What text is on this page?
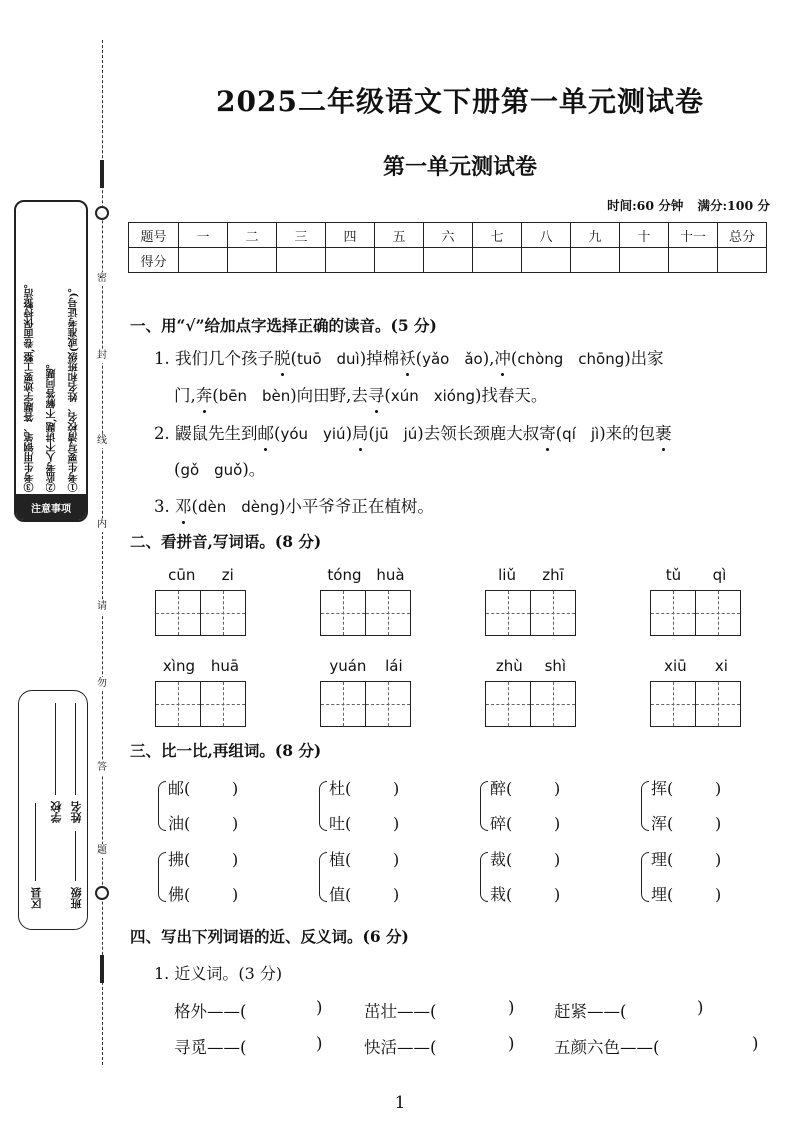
密
封
线
内
请
勿
答
题
①考生要写清校名、姓名和班级(或准考证号)。
②监考人不讲题,不解答问题。
③考生用钢笔、答题字迹要工整,卷面保持整洁。
注意事项
学校 姓名
区县 班级
2025二年级语文下册第一单元测试卷
第一单元测试卷
时间:60 分钟 满分:100 分
题号	一	二	三	四	五	六	七	八	九	十	十一	总分
得分												
一、用“√”给加点字选择正确的读音。(5 分)
1. 我们几个孩子脱(tuō　duì)掉棉袄(yǎo　ǎo),冲(chòng　chōng)出家
门,奔(bēn　bèn)向田野,去寻(xún　xióng)找春天。
2. 鼹鼠先生到邮(yóu　yiú)局(jū　jú)去领长颈鹿大叔寄(qí　jì)来的包裹
(gǒ　guǒ)。
3. 邓(dèn　dèng)小平爷爷正在植树。
二、看拼音,写词语。(8 分)
cūn zi	tóng huà	liǔ zhī	tǔ qì
xìng huā	yuán lái	zhù shì	xiū xi
三、比一比,再组词。(8 分)
邮(	)
油(	)
杜(	)
吐(	)
醉(	)
碎(	)
挥(	)
浑(	)
拂(	)
佛(	)
植(	)
值(	)
裁(	)
栽(	)
理(	)
埋(	)
四、写出下列词语的近、反义词。(6 分)
1. 近义词。(3 分)
格外——(	)	茁壮——(	) 赶紧——(	)
寻觅——(	)	快活——(	) 五颜六色——(	)
1
